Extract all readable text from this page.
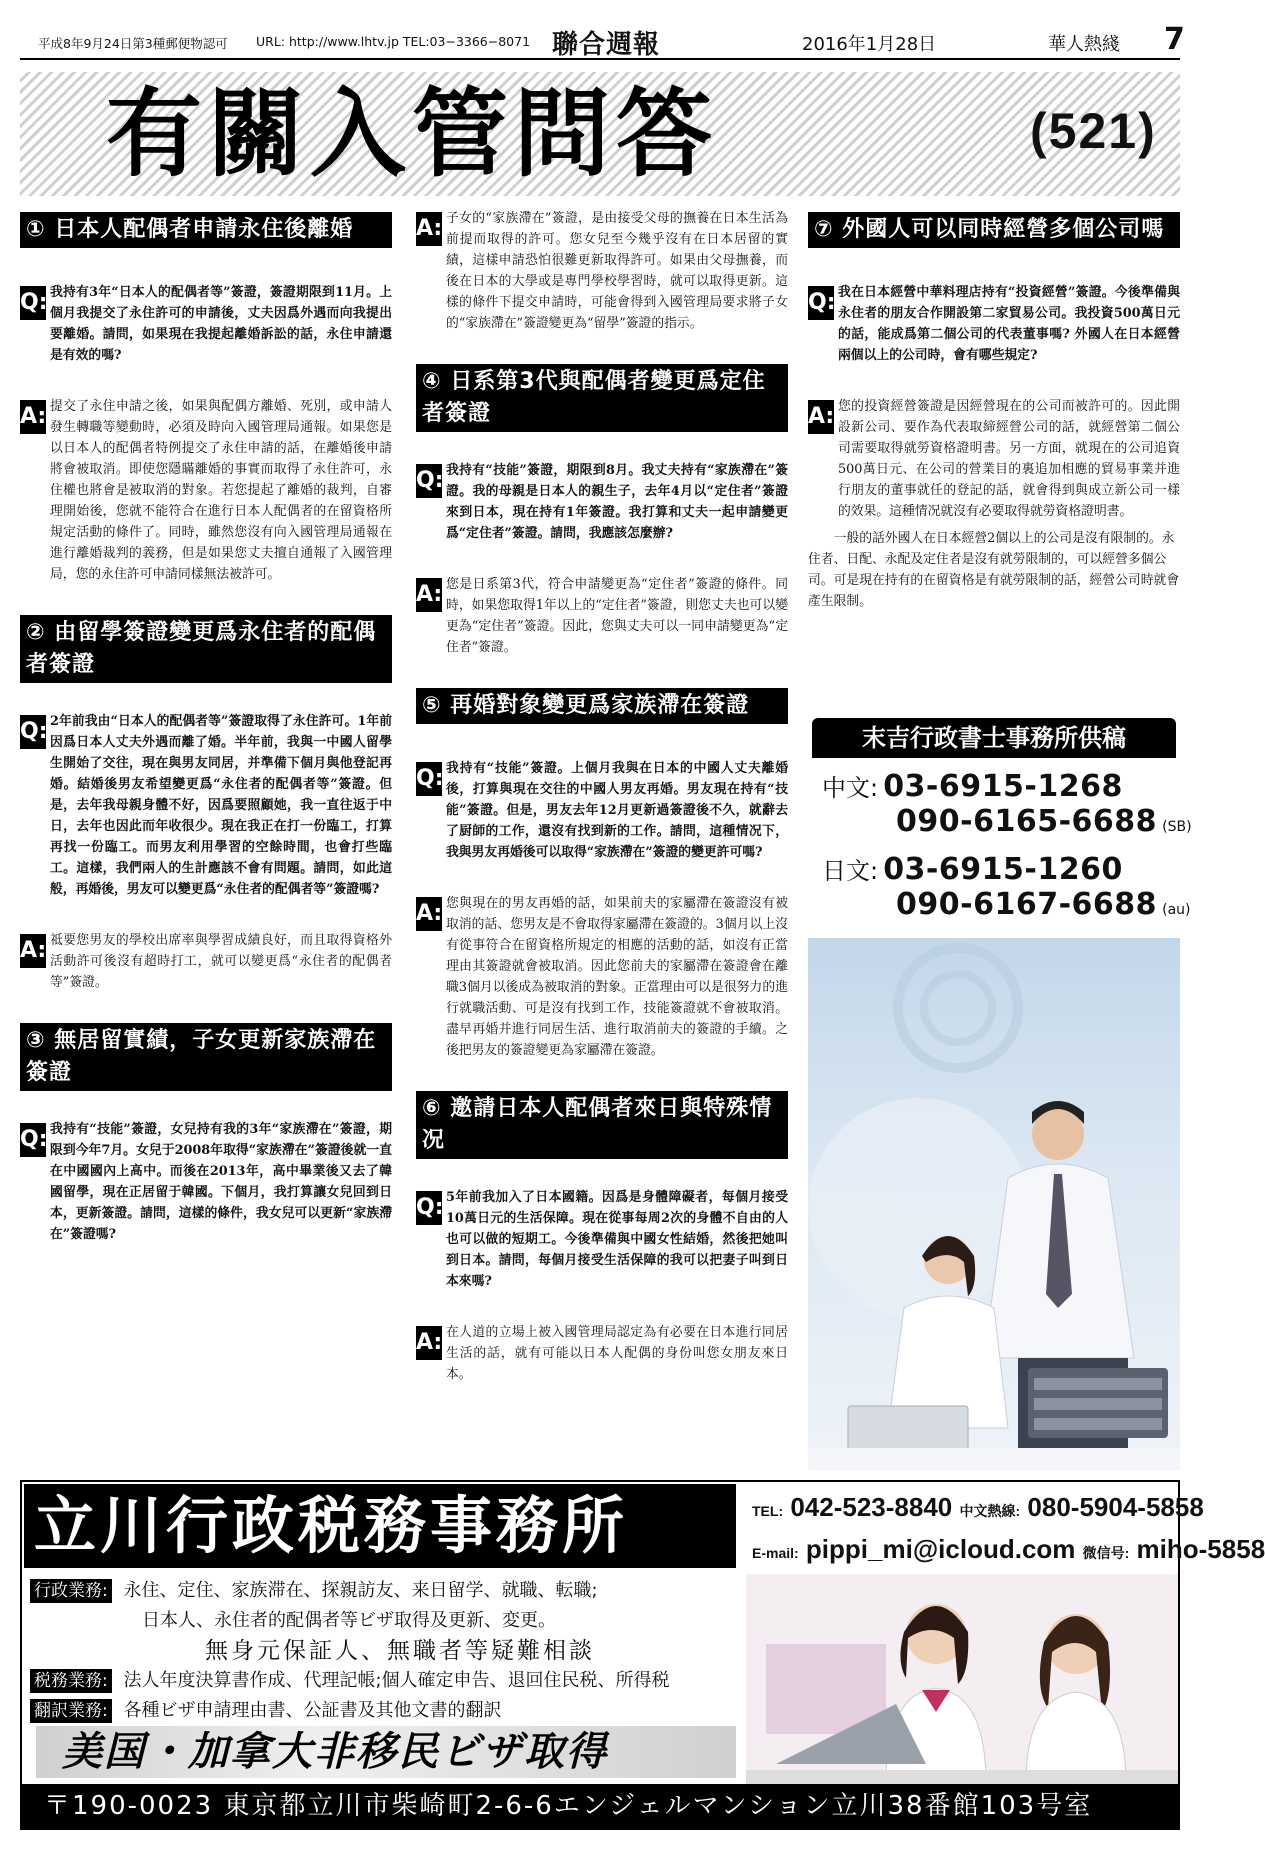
平成8年9月24日第3種郵便物認可 URL: http://www.lhtv.jp TEL:03−3366−8071 聯合週報	2016年1月28日	華人熱綫 7
有關入管問答	(521)
① 日本人配偶者申請永住後離婚
Q: 我持有3年“日本人的配偶者等”簽證，簽證期限到11月。上個月我提交了永住許可的申請後，丈夫因爲外遇而向我提出要離婚。請問，如果現在我提起離婚訴訟的話，永住申請還是有效的嗎?
A: 提交了永住申請之後，如果與配偶方離婚、死別，或申請人發生轉職等變動時，必須及時向入國管理局通報。如果您是以日本人的配偶者特例提交了永住申請的話，在離婚後申請將會被取消。即使您隱瞞離婚的事實而取得了永住許可，永住權也將會是被取消的對象。若您提起了離婚的裁判，自審理開始後，您就不能符合在進行日本人配偶者的在留資格所規定活動的條件了。同時，雖然您沒有向入國管理局通報在進行離婚裁判的義務，但是如果您丈夫擅自通報了入國管理局，您的永住許可申請同樣無法被許可。
② 由留學簽證變更爲永住者的配偶者簽證
Q: 2年前我由“日本人的配偶者等”簽證取得了永住許可。1年前因爲日本人丈夫外遇而離了婚。半年前，我與一中國人留學生開始了交往，現在與男友同居，并準備下個月與他登記再婚。結婚後男友希望變更爲“永住者的配偶者等”簽證。但是，去年我母親身體不好，因爲要照顧她，我一直往返于中日，去年也因此而年收很少。現在我正在打一份臨工，打算再找一份臨工。而男友利用學習的空餘時間，也會打些臨工。這樣，我們兩人的生計應該不會有問題。請問，如此這般，再婚後，男友可以變更爲“永住者的配偶者等”簽證嗎?
A: 祗要您男友的學校出席率與學習成績良好，而且取得資格外活動許可後沒有超時打工，就可以變更爲“永住者的配偶者等”簽證。
③ 無居留實績，子女更新家族滯在簽證
Q: 我持有“技能”簽證，女兒持有我的3年“家族滯在”簽證，期限到今年7月。女兒于2008年取得“家族滯在”簽證後就一直在中國國內上高中。而後在2013年，高中畢業後又去了韓國留學，現在正居留于韓國。下個月，我打算讓女兒回到日本，更新簽證。請問，這樣的條件，我女兒可以更新“家族滯在”簽證嗎?
A: 子女的“家族滯在”簽證，是由接受父母的撫養在日本生活為前提而取得的許可。您女兒至今幾乎沒有在日本居留的實績，這樣申請恐怕很難更新取得許可。如果由父母撫養，而後在日本的大學或是專門學校學習時，就可以取得更新。這樣的條件下提交申請時，可能會得到入國管理局要求將子女的“家族滯在”簽證變更為“留學”簽證的指示。
④ 日系第3代與配偶者變更爲定住者簽證
Q: 我持有“技能”簽證，期限到8月。我丈夫持有“家族滯在”簽證。我的母親是日本人的親生子，去年4月以“定住者”簽證來到日本，現在持有1年簽證。我打算和丈夫一起申請變更爲“定住者”簽證。請問，我應該怎麼辦?
A: 您是日系第3代，符合申請變更為“定住者”簽證的條件。同時，如果您取得1年以上的“定住者”簽證，則您丈夫也可以變更為“定住者”簽證。因此，您與丈夫可以一同申請變更為“定住者”簽證。
⑤ 再婚對象變更爲家族滯在簽證
Q: 我持有“技能”簽證。上個月我與在日本的中國人丈夫離婚後，打算與現在交往的中國人男友再婚。男友現在持有“技能”簽證。但是，男友去年12月更新過簽證後不久，就辭去了厨師的工作，還沒有找到新的工作。請問，這種情况下，我與男友再婚後可以取得“家族滯在”簽證的變更許可嗎?
A: 您與現在的男友再婚的話，如果前夫的家屬滯在簽證沒有被取消的話、您男友是不會取得家屬滯在簽證的。3個月以上沒有從事符合在留資格所規定的相應的活動的話，如沒有正當理由其簽證就會被取消。因此您前夫的家屬滯在簽證會在離職3個月以後成為被取消的對象。正當理由可以是很努力的進行就職活動、可是沒有找到工作，技能簽證就不會被取消。盡早再婚并進行同居生活、進行取消前夫的簽證的手續。之後把男友的簽證變更為家屬滯在簽證。
⑥ 邀請日本人配偶者來日與特殊情况
Q: 5年前我加入了日本國籍。因爲是身體障礙者，每個月接受10萬日元的生活保障。現在從事每周2次的身體不自由的人也可以做的短期工。今後準備與中國女性結婚，然後把她叫到日本。請問，每個月接受生活保障的我可以把妻子叫到日本來嗎?
A: 在人道的立場上被入國管理局認定為有必要在日本進行同居生活的話，就有可能以日本人配偶的身份叫您女朋友來日本。
⑦ 外國人可以同時經營多個公司嗎
Q: 我在日本經營中華料理店持有“投資經營”簽證。今後準備與永住者的朋友合作開設第二家貿易公司。我投資500萬日元的話，能成爲第二個公司的代表董事嗎? 外國人在日本經營兩個以上的公司時，會有哪些規定?
A: 您的投資經營簽證是因經營現在的公司而被許可的。因此開設新公司、要作為代表取締經營公司的話，就經營第二個公司需要取得就勞資格證明書。另一方面，就現在的公司追資500萬日元、在公司的營業目的裏追加相應的貿易事業并進行朋友的董事就任的登記的話，就會得到與成立新公司一樣的效果。這種情况就沒有必要取得就勞資格證明書。
一般的話外國人在日本經營2個以上的公司是沒有限制的。永住者、日配、永配及定住者是沒有就勞限制的，可以經營多個公司。可是現在持有的在留資格是有就勞限制的話，經營公司時就會產生限制。
末吉行政書士事務所供稿
中文: 03-6915-1268
090-6165-6688 (SB)
日文: 03-6915-1260
090-6167-6688 (au)
立川行政税務事務所	TEL: 042-523-8840 中文熱線: 080-5904-5858
E-mail: pippi_mi@icloud.com 微信号: miho-5858
行政業務: 永住、定住、家族滞在、探親訪友、来日留学、就職、転職;
日本人、永住者的配偶者等ビザ取得及更新、変更。
無身元保証人、無職者等疑難相談
税務業務: 法人年度決算書作成、代理記帳;個人確定申告、退回住民税、所得税
翻訳業務: 各種ビザ申請理由書、公証書及其他文書的翻訳
美国・加拿大非移民ビザ取得
〒190-0023 東京都立川市柴崎町2-6-6エンジェルマンション立川38番館103号室
